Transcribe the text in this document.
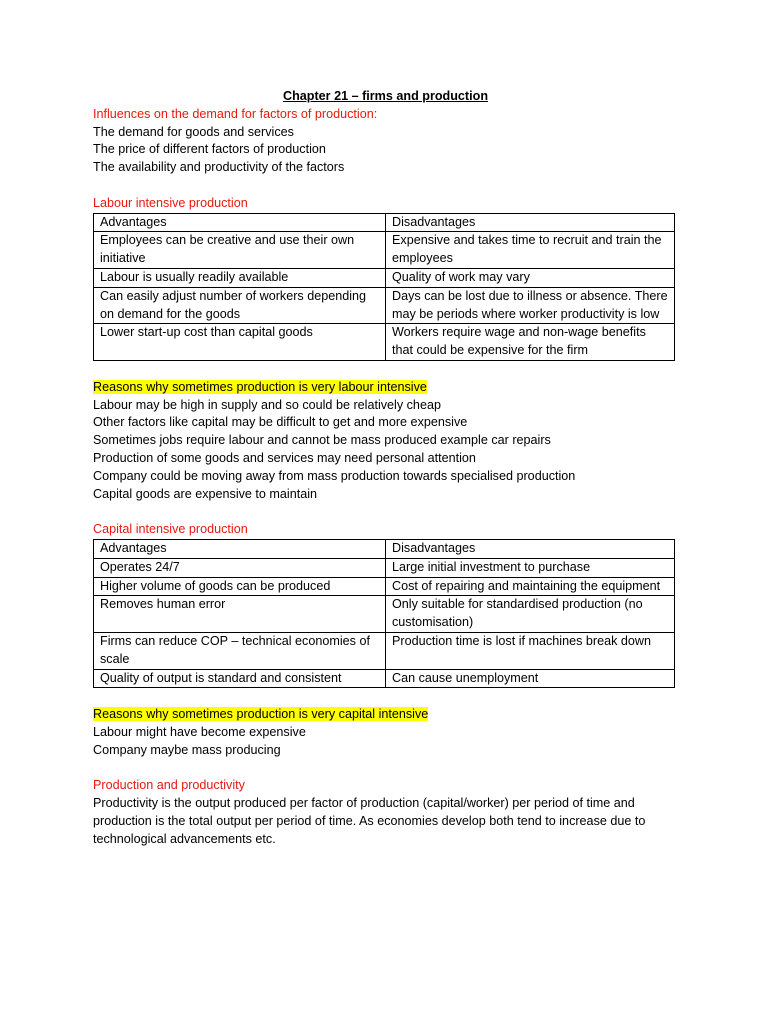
Chapter 21 – firms and production
Influences on the demand for factors of production:
The demand for goods and services
The price of different factors of production
The availability and productivity of the factors
Labour intensive production
Advantages	Disadvantages
Employees can be creative and use their own initiative	Expensive and takes time to recruit and train the employees
Labour is usually readily available	Quality of work may vary
Can easily adjust number of workers depending on demand for the goods	Days can be lost due to illness or absence. There may be periods where worker productivity is low
Lower start-up cost than capital goods	Workers require wage and non-wage benefits that could be expensive for the firm
Reasons why sometimes production is very labour intensive
Labour may be high in supply and so could be relatively cheap
Other factors like capital may be difficult to get and more expensive
Sometimes jobs require labour and cannot be mass produced example car repairs
Production of some goods and services may need personal attention
Company could be moving away from mass production towards specialised production
Capital goods are expensive to maintain
Capital intensive production
Advantages	Disadvantages
Operates 24/7	Large initial investment to purchase
Higher volume of goods can be produced	Cost of repairing and maintaining the equipment
Removes human error	Only suitable for standardised production (no customisation)
Firms can reduce COP – technical economies of scale	Production time is lost if machines break down
Quality of output is standard and consistent	Can cause unemployment
Reasons why sometimes production is very capital intensive
Labour might have become expensive
Company maybe mass producing
Production and productivity
Productivity is the output produced per factor of production (capital/worker) per period of time and production is the total output per period of time. As economies develop both tend to increase due to technological advancements etc.
